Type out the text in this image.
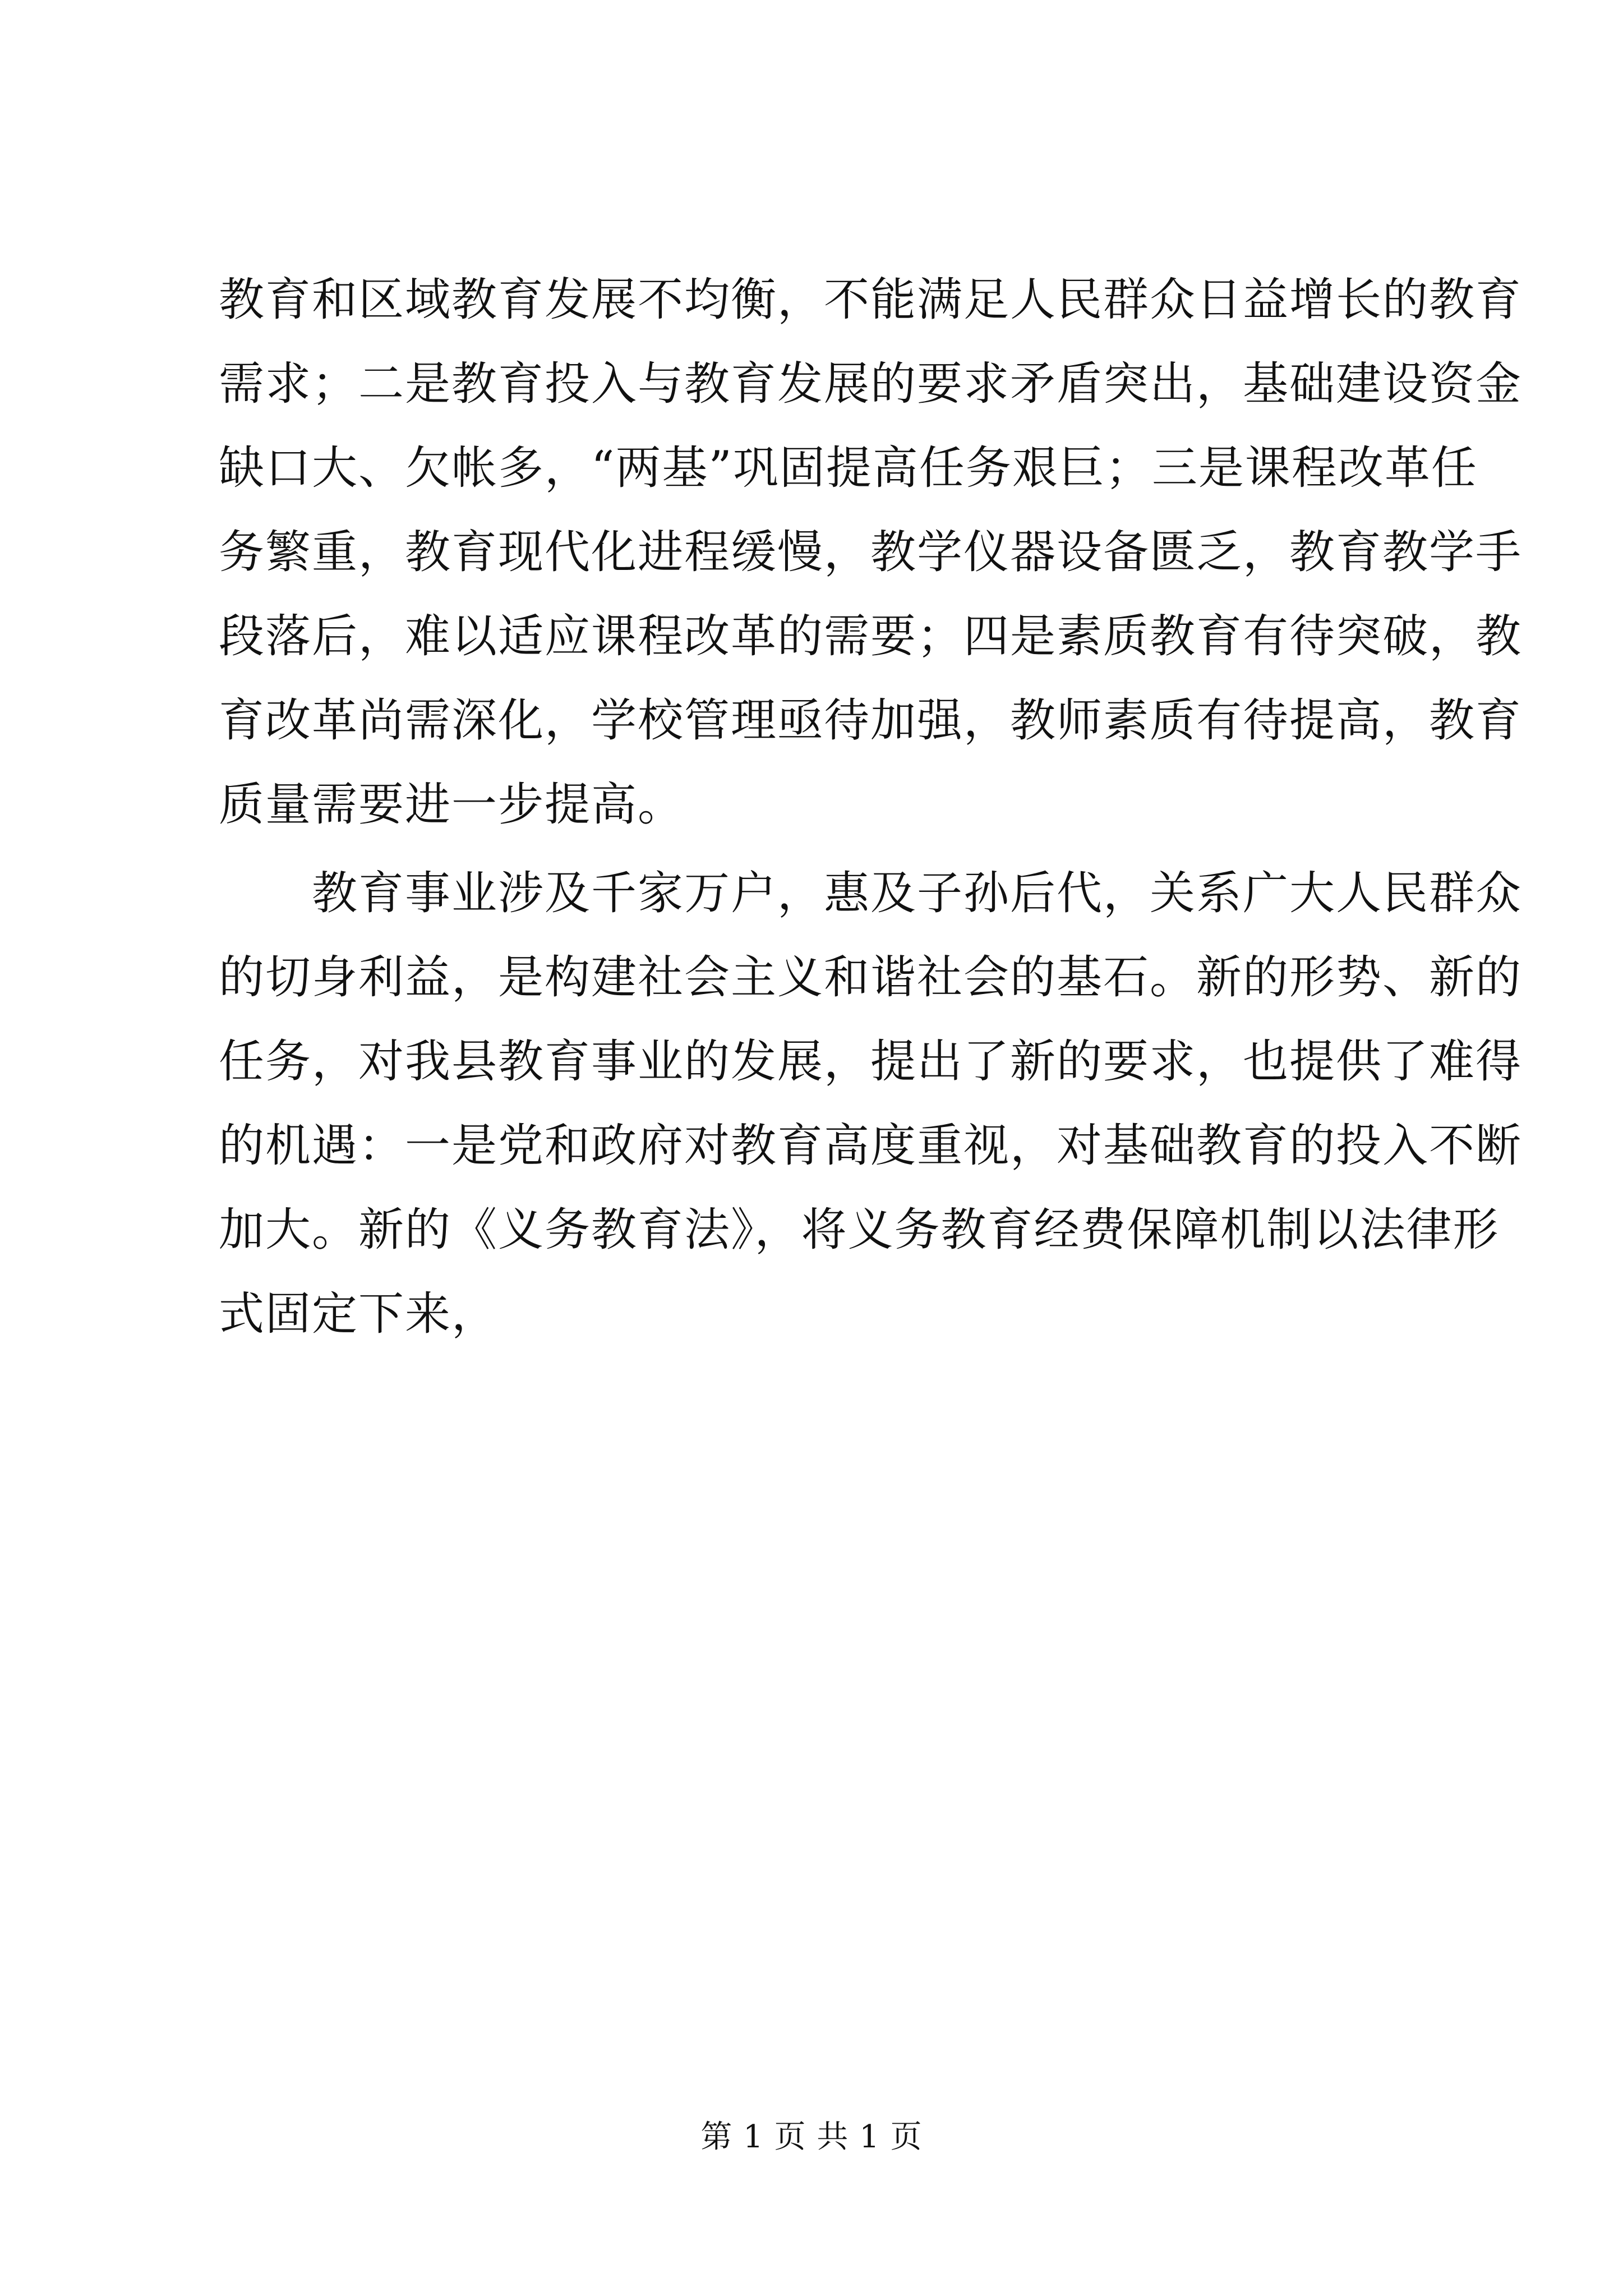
教育和区域教育发展不均衡，不能满足人民群众日益增长的教育
需求；二是教育投入与教育发展的要求矛盾突出，基础建设资金
缺口大、欠帐多，“两基”巩固提高任务艰巨；三是课程改革任
务繁重，教育现代化进程缓慢，教学仪器设备匮乏，教育教学手
段落后，难以适应课程改革的需要；四是素质教育有待突破，教
育改革尚需深化，学校管理亟待加强，教师素质有待提高，教育
质量需要进一步提高。
　　教育事业涉及千家万户，惠及子孙后代，关系广大人民群众
的切身利益，是构建社会主义和谐社会的基石。新的形势、新的
任务，对我县教育事业的发展，提出了新的要求，也提供了难得
的机遇：一是党和政府对教育高度重视，对基础教育的投入不断
加大。新的《义务教育法》，将义务教育经费保障机制以法律形
式固定下来，
第 1 页 共 1 页
